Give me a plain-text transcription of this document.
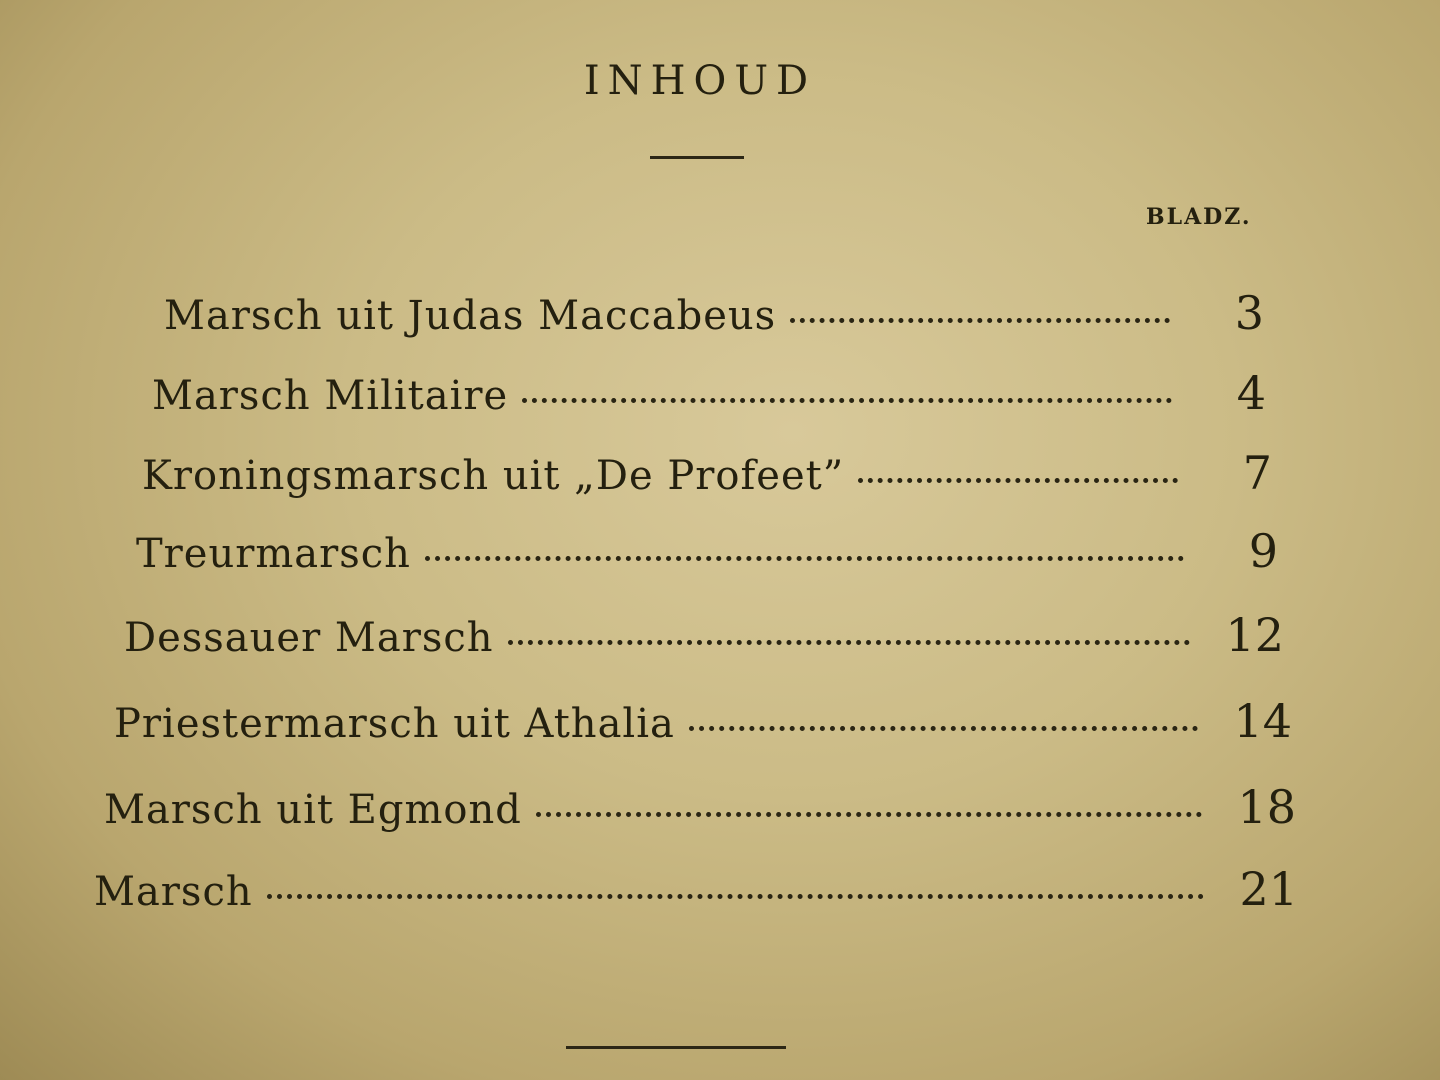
INHOUD
BLADZ.
Marsch uit Judas Maccabeus	3
Marsch Militaire	4
Kroningsmarsch uit „De Profeet”	7
Treurmarsch	9
Dessauer Marsch	12
Priestermarsch uit Athalia	14
Marsch uit Egmond	18
Marsch	21
